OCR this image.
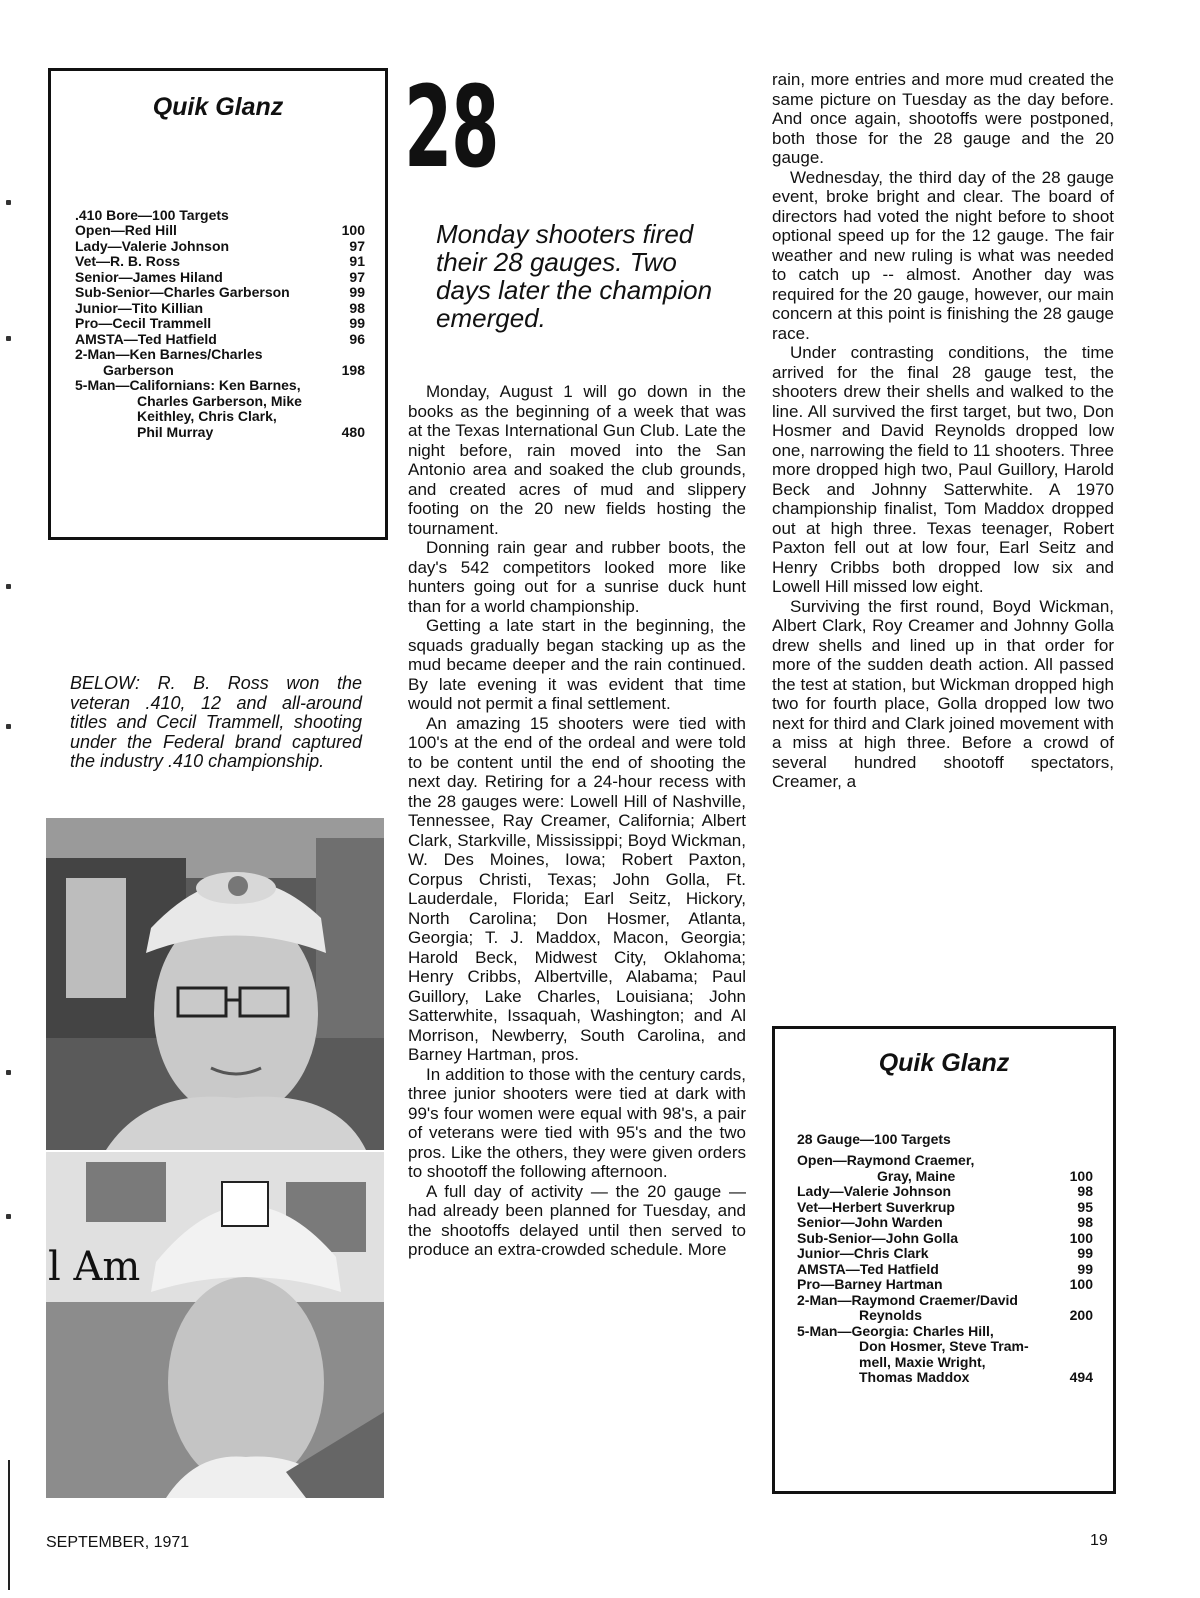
Quik Glanz
.410 Bore—100 Targets
Open—Red Hill	100
Lady—Valerie Johnson	97
Vet—R. B. Ross	91
Senior—James Hiland	97
Sub-Senior—Charles Garberson	99
Junior—Tito Killian	98
Pro—Cecil Trammell	99
AMSTA—Ted Hatfield	96

2-Man—Ken Barnes/Charles
Garberson	198

5-Man—Californians: Ken Barnes,
Charles Garberson, Mike
Keithley, Chris Clark,
Phil Murray	480
BELOW: R. B. Ross won the veteran .410, 12 and all-around titles and Cecil Trammell, shooting under the Federal brand captured the industry .410 championship.
l Am
28
Monday shooters fired their 28 gauges. Two days later the champion emerged.

Monday, August 1 will go down in the books as the beginning of a week that was at the Texas International Gun Club. Late the night before, rain moved into the San Antonio area and soaked the club grounds, and created acres of mud and slippery footing on the 20 new fields hosting the tournament.

Donning rain gear and rubber boots, the day's 542 competitors looked more like hunters going out for a sunrise duck hunt than for a world championship.

Getting a late start in the beginning, the squads gradually began stacking up as the mud became deeper and the rain continued. By late evening it was evident that time would not permit a final settlement.

An amazing 15 shooters were tied with 100's at the end of the ordeal and were told to be content until the end of shooting the next day. Retiring for a 24-hour recess with the 28 gauges were: Lowell Hill of Nashville, Tennessee, Ray Creamer, California; Albert Clark, Starkville, Mississippi; Boyd Wickman, W. Des Moines, Iowa; Robert Paxton, Corpus Christi, Texas; John Golla, Ft. Lauderdale, Florida; Earl Seitz, Hickory, North Carolina; Don Hosmer, Atlanta, Georgia; T. J. Maddox, Macon, Georgia; Harold Beck, Midwest City, Oklahoma; Henry Cribbs, Albertville, Alabama; Paul Guillory, Lake Charles, Louisiana; John Satterwhite, Issaquah, Washington; and Al Morrison, Newberry, South Carolina, and Barney Hartman, pros.

In addition to those with the century cards, three junior shooters were tied at dark with 99's four women were equal with 98's, a pair of veterans were tied with 95's and the two pros. Like the others, they were given orders to shootoff the following afternoon.

A full day of activity — the 20 gauge — had already been planned for Tuesday, and the shootoffs delayed until then served to produce an extra-crowded schedule. More

rain, more entries and more mud created the same picture on Tuesday as the day before. And once again, shootoffs were postponed, both those for the 28 gauge and the 20 gauge.

Wednesday, the third day of the 28 gauge event, broke bright and clear. The board of directors had voted the night before to shoot optional speed up for the 12 gauge. The fair weather and new ruling is what was needed to catch up -- almost. Another day was required for the 20 gauge, however, our main concern at this point is finishing the 28 gauge race.

Under contrasting conditions, the time arrived for the final 28 gauge test, the shooters drew their shells and walked to the line. All survived the first target, but two, Don Hosmer and David Reynolds dropped low one, narrowing the field to 11 shooters. Three more dropped high two, Paul Guillory, Harold Beck and Johnny Satterwhite. A 1970 championship finalist, Tom Maddox dropped out at high three. Texas teenager, Robert Paxton fell out at low four, Earl Seitz and Henry Cribbs both dropped low six and Lowell Hill missed low eight.

Surviving the first round, Boyd Wickman, Albert Clark, Roy Creamer and Johnny Golla drew shells and lined up in that order for more of the sudden death action. All passed the test at station, but Wickman dropped high two for fourth place, Golla dropped low two next for third and Clark joined movement with a miss at high three. Before a crowd of several hundred shootoff spectators, Creamer, a

Quik Glanz
28 Gauge—100 Targets
Open—Raymond Craemer,
Gray, Maine	100
Lady—Valerie Johnson	98
Vet—Herbert Suverkrup	95
Senior—John Warden	98
Sub-Senior—John Golla	100
Junior—Chris Clark	99
AMSTA—Ted Hatfield	99
Pro—Barney Hartman	100

2-Man—Raymond Craemer/David
Reynolds	200

5-Man—Georgia: Charles Hill,
Don Hosmer, Steve Tram-
mell, Maxie Wright,
Thomas Maddox	494
SEPTEMBER, 1971	19
